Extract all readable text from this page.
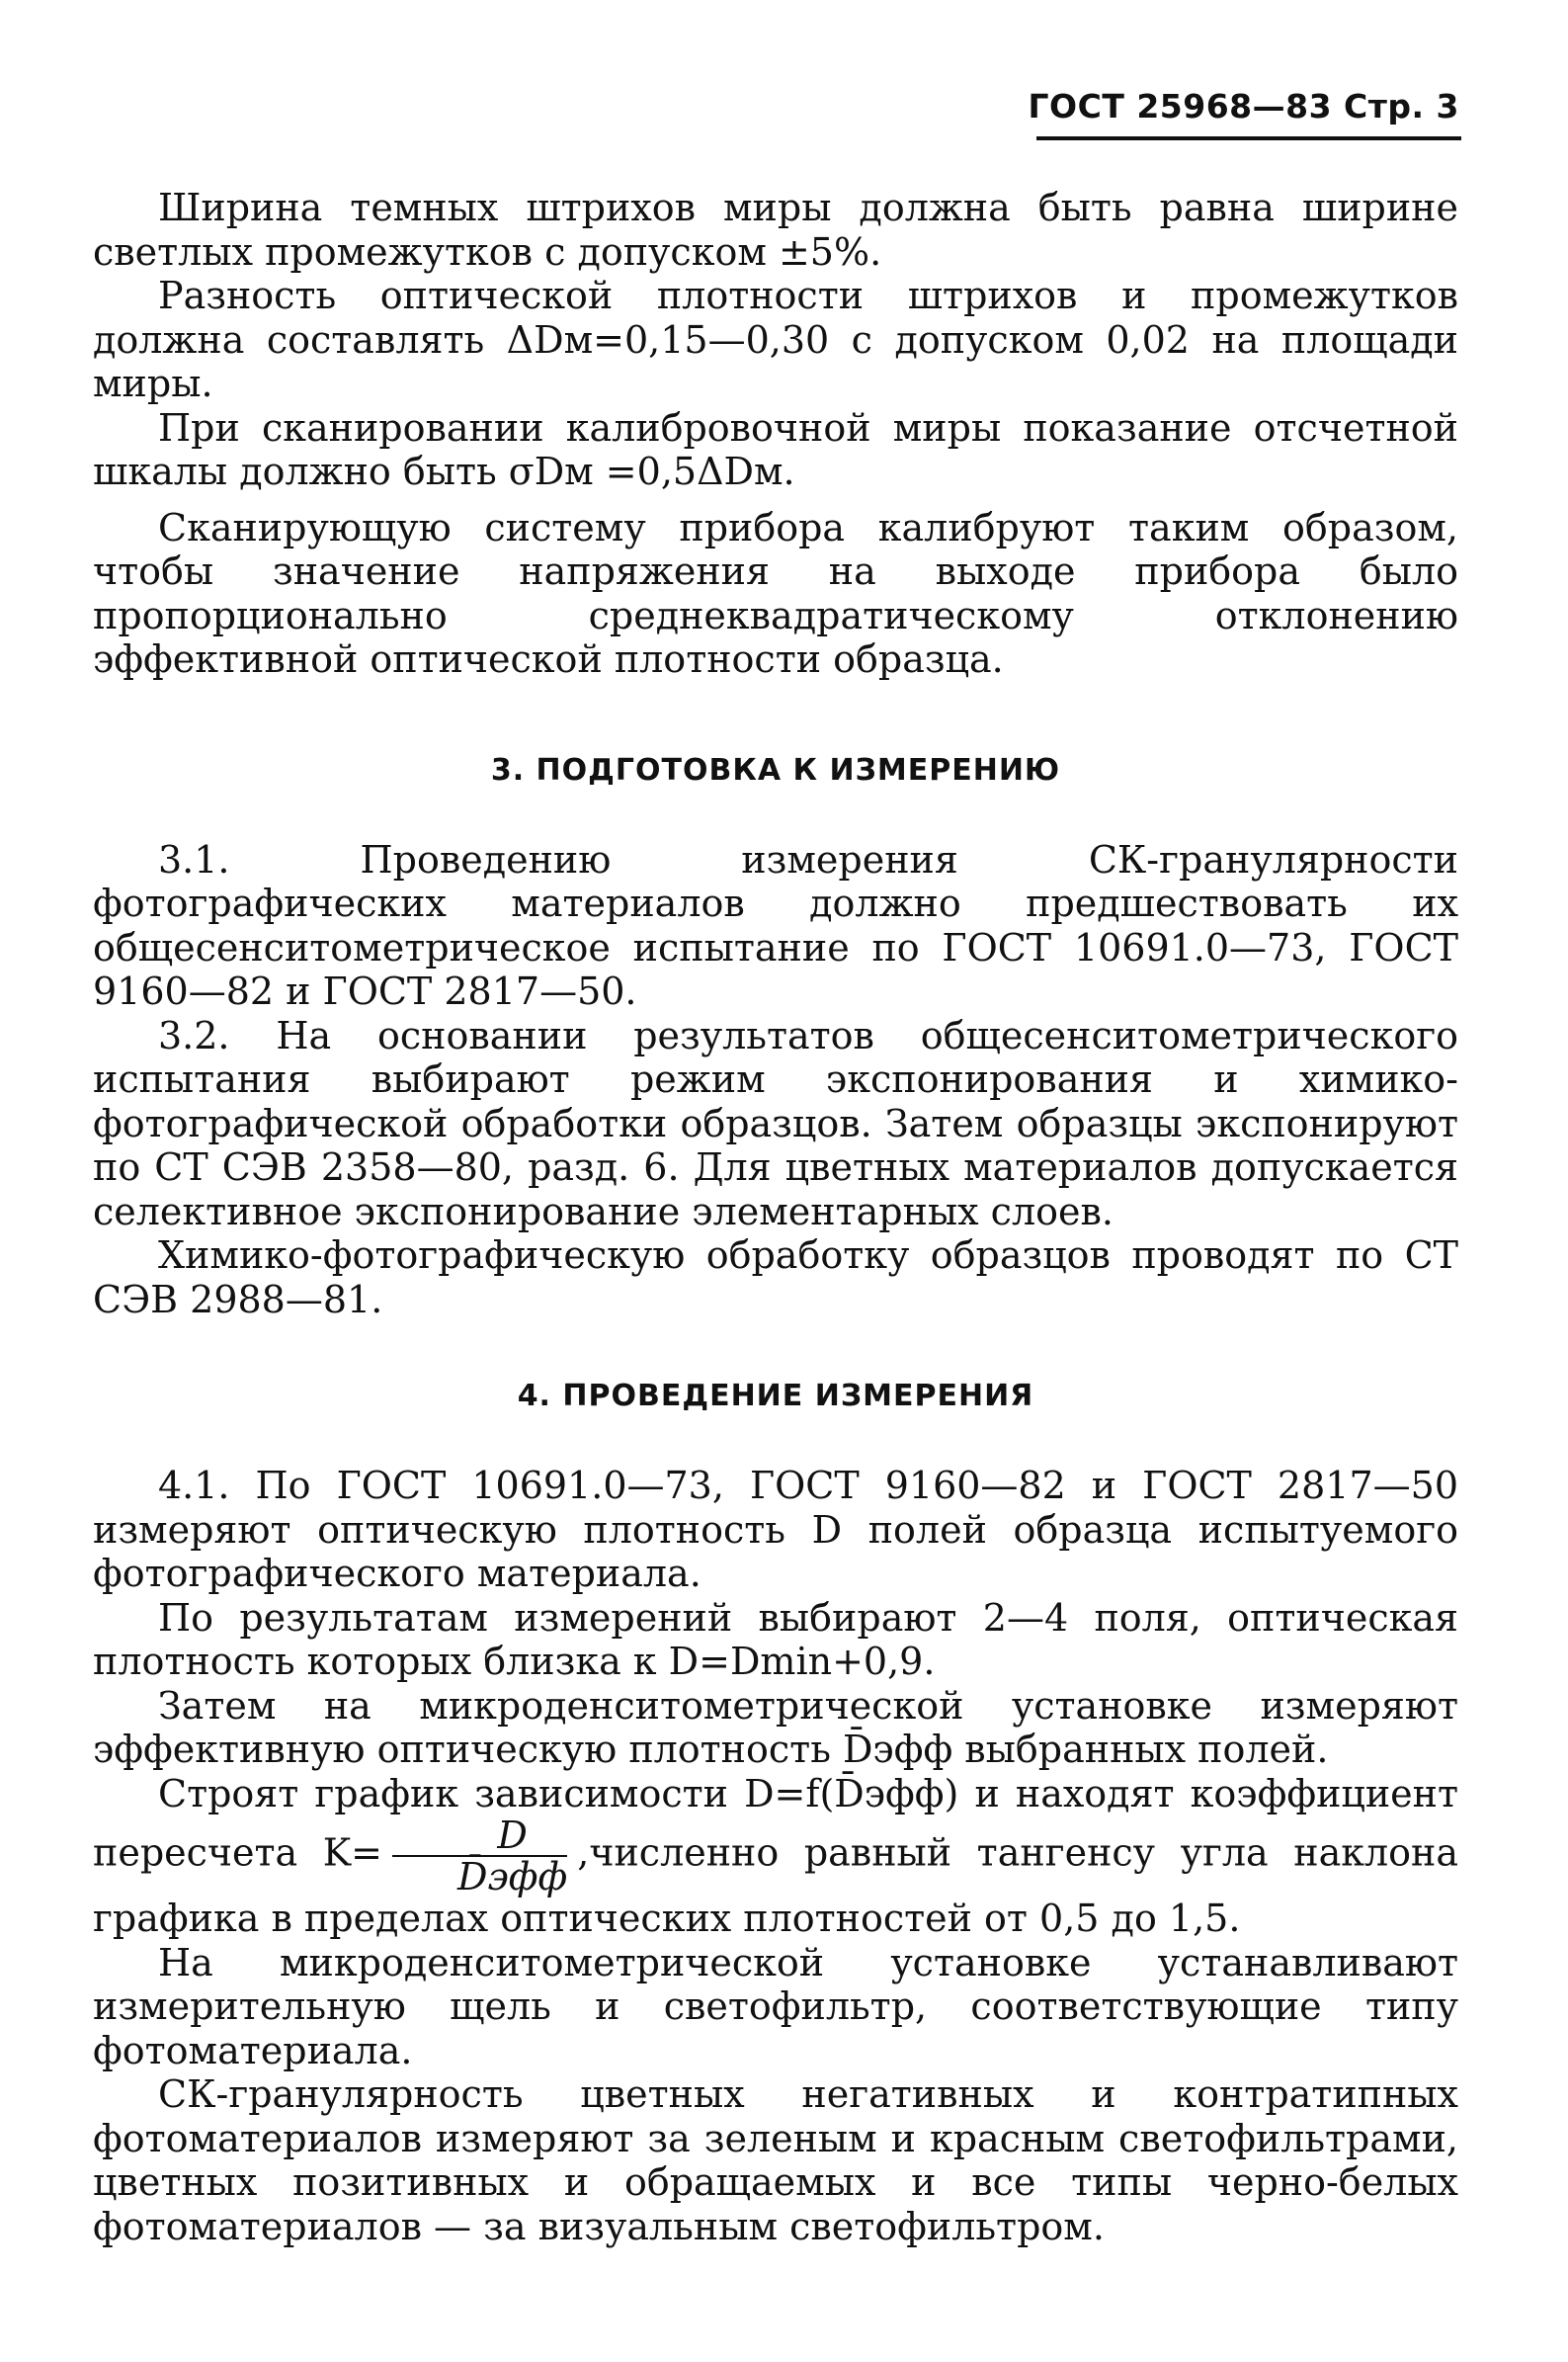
ГОСТ 25968—83 Стр. 3

Ширина темных штрихов миры должна быть равна ширине светлых промежутков с допуском ±5%.

Разность оптической плотности штрихов и промежутков должна составлять ΔDм=0,15—0,30 с допуском 0,02 на площади миры.

При сканировании калибровочной миры показание отсчетной шкалы должно быть σDм =0,5ΔDм.

Сканирующую систему прибора калибруют таким образом, чтобы значение напряжения на выходе прибора было пропорционально среднеквадратическому отклонению эффективной оптической плотности образца.

3. ПОДГОТОВКА К ИЗМЕРЕНИЮ

3.1. Проведению измерения СК-гранулярности фотографических материалов должно предшествовать их общесенситометрическое испытание по ГОСТ 10691.0—73, ГОСТ 9160—82 и ГОСТ 2817—50.

3.2. На основании результатов общесенситометрического испытания выбирают режим экспонирования и химико-фотографической обработки образцов. Затем образцы экспонируют по СТ СЭВ 2358—80, разд. 6. Для цветных материалов допускается селективное экспонирование элементарных слоев.

Химико-фотографическую обработку образцов проводят по СТ СЭВ 2988—81.

4. ПРОВЕДЕНИЕ ИЗМЕРЕНИЯ

4.1. По ГОСТ 10691.0—73, ГОСТ 9160—82 и ГОСТ 2817—50 измеряют оптическую плотность D полей образца испытуемого фотографического материала.

По результатам измерений выбирают 2—4 поля, оптическая плотность которых близка к D=Dmin+0,9.

Затем на микроденситометрической установке измеряют эффективную оптическую плотность D̄эфф выбранных полей.

Строят график зависимости D=f(D̄эфф) и находят коэффициент пересчета $K= \frac{D}{\text{D̄эфф}}$ ,численно равный тангенсу угла наклона графика в пределах оптических плотностей от 0,5 до 1,5.

На микроденситометрической установке устанавливают измерительную щель и светофильтр, соответствующие типу фотоматериала.

СК-гранулярность цветных негативных и контратипных фотоматериалов измеряют за зеленым и красным светофильтрами, цветных позитивных и обращаемых и все типы черно-белых фотоматериалов — за визуальным светофильтром.
